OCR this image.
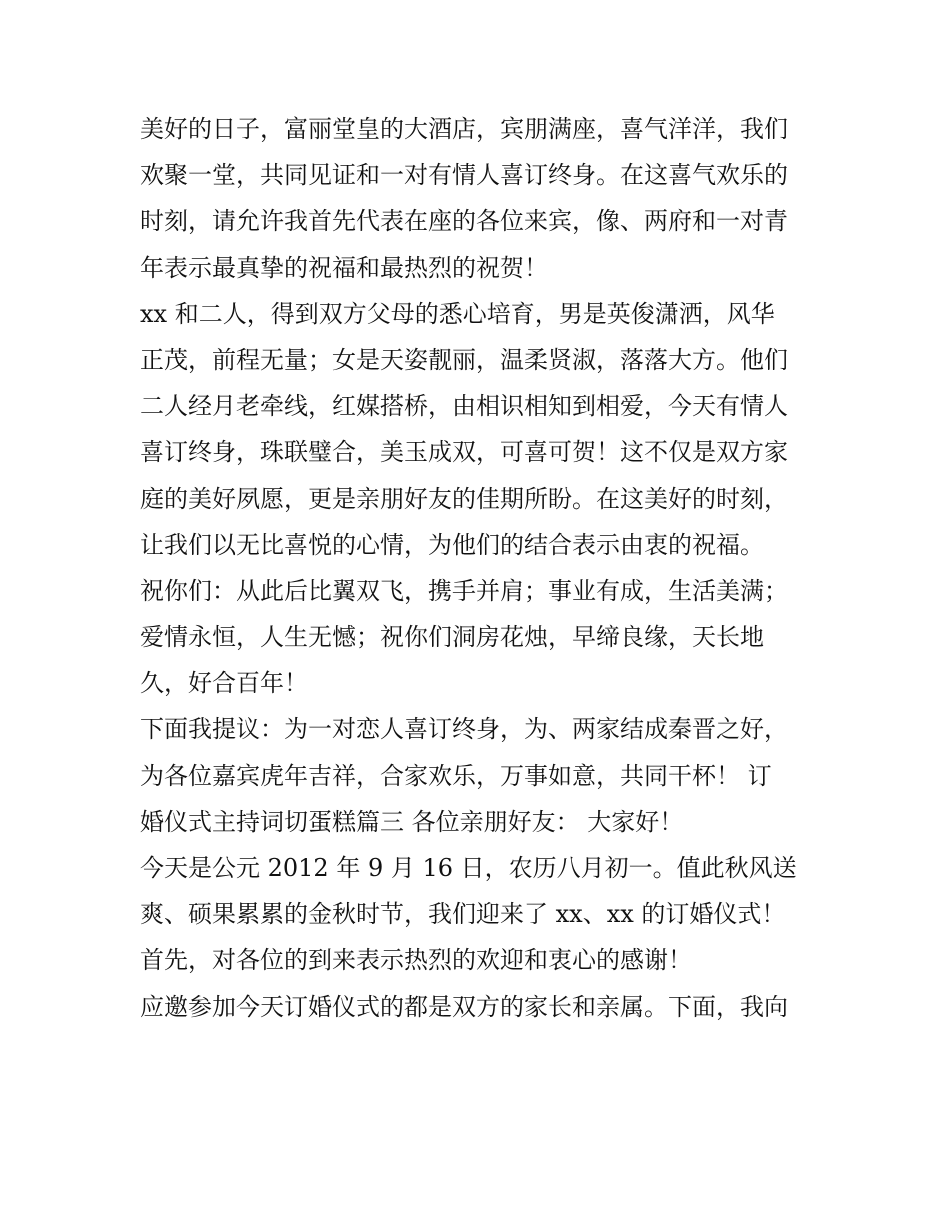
美好的日子，富丽堂皇的大酒店，宾朋满座，喜气洋洋，我们
欢聚一堂，共同见证和一对有情人喜订终身。在这喜气欢乐的
时刻，请允许我首先代表在座的各位来宾，像、两府和一对青
年表示最真挚的祝福和最热烈的祝贺！
xx 和二人，得到双方父母的悉心培育，男是英俊潇洒，风华
正茂，前程无量；女是天姿靓丽，温柔贤淑，落落大方。他们
二人经月老牵线，红媒搭桥，由相识相知到相爱，今天有情人
喜订终身，珠联璧合，美玉成双，可喜可贺！这不仅是双方家
庭的美好夙愿，更是亲朋好友的佳期所盼。在这美好的时刻，
让我们以无比喜悦的心情，为他们的结合表示由衷的祝福。
祝你们：从此后比翼双飞，携手并肩；事业有成，生活美满；
爱情永恒，人生无憾；祝你们洞房花烛，早缔良缘，天长地
久，好合百年！
下面我提议：为一对恋人喜订终身，为、两家结成秦晋之好，
为各位嘉宾虎年吉祥，合家欢乐，万事如意，共同干杯！ 订
婚仪式主持词切蛋糕篇三 各位亲朋好友： 大家好！
今天是公元 2012 年 9 月 16 日，农历八月初一。值此秋风送
爽、硕果累累的金秋时节，我们迎来了 xx、xx 的订婚仪式！
首先，对各位的到来表示热烈的欢迎和衷心的感谢！
应邀参加今天订婚仪式的都是双方的家长和亲属。下面，我向
